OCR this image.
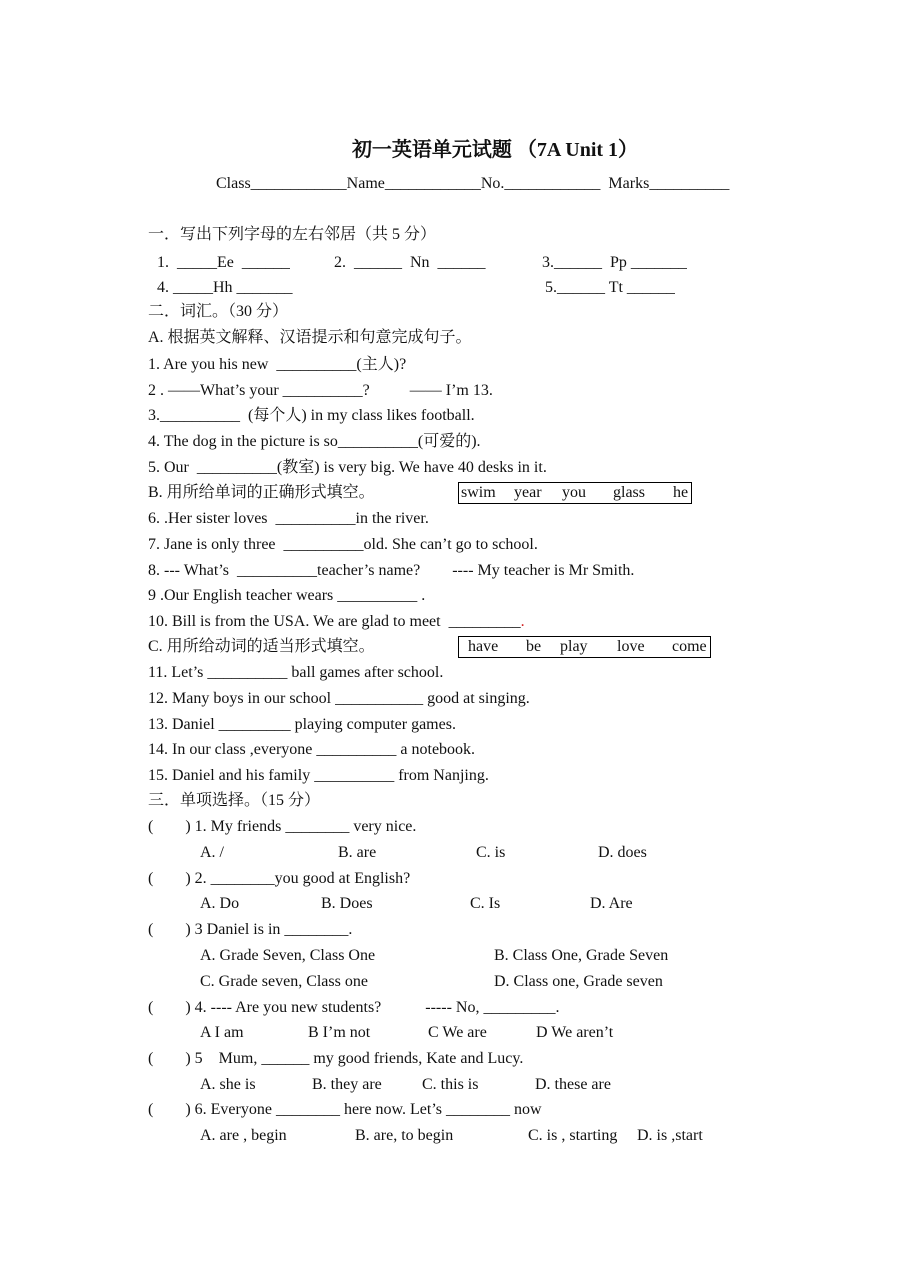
初一英语单元试题 （7A Unit 1）
Class____________Name____________No.____________  Marks__________
一．写出下列字母的左右邻居（共 5 分）
1.  _____Ee  ______	2.  ______  Nn  ______	3.______  Pp _______
4. _____Hh _______	5.______ Tt ______
二．词汇。（30 分）
A. 根据英文解释、汉语提示和句意完成句子。
1. Are you his new  __________(主人)?
2 . ——What’s your __________?          —— I’m 13.
3.__________  (每个人) in my class likes football.
4. The dog in the picture is so__________(可爱的).
5. Our  __________(教室) is very big. We have 40 desks in it.
B. 用所给单词的正确形式填空。

	swim

year

you

glass

he

6. .Her sister loves  __________in the river.
7. Jane is only three  __________old. She can’t go to school.
8. --- What’s  __________teacher’s name?        ---- My teacher is Mr Smith.
9 .Our English teacher wears __________ .
10. Bill is from the USA. We are glad to meet  _________.
C. 用所给动词的适当形式填空。

	have

be

play

love

come

11. Let’s __________ ball games after school.
12. Many boys in our school ___________ good at singing.
13. Daniel _________ playing computer games.
14. In our class ,everyone __________ a notebook.
15. Daniel and his family __________ from Nanjing.
三．单项选择。（15 分）
(        ) 1. My friends ________ very nice.
A. /	B. are	C. is	D. does
(        ) 2. ________you good at English?
A. Do	B. Does	C. Is	D. Are
(        ) 3 Daniel is in ________.
A. Grade Seven, Class One	B. Class One, Grade Seven
C. Grade seven, Class one	D. Class one, Grade seven
(        ) 4. ---- Are you new students?           ----- No, _________.
A I am	B I’m not	C We are	D We aren’t
(        ) 5    Mum, ______ my good friends, Kate and Lucy.
A. she is	B. they are	C. this is	D. these are
(        ) 6. Everyone ________ here now. Let’s ________ now
A. are , begin	B. are, to begin	C. is , starting D. is ,start
